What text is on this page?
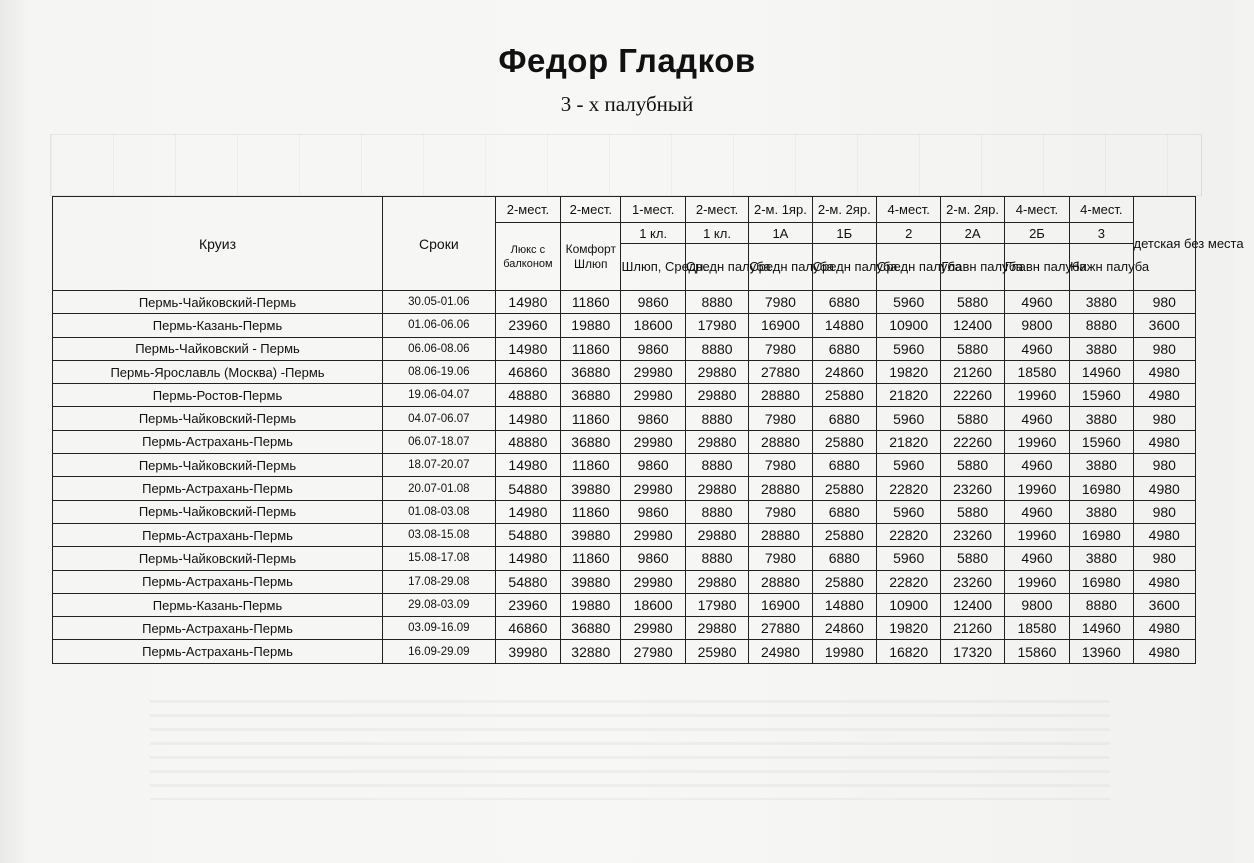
Федор Гладков
3 - х палубный
Круиз	Сроки	2-мест.	2-мест.	1-мест.	2-мест.	2-м. 1яр.	2-м. 2яр.	4-мест.	2-м. 2яр.	4-мест.	4-мест.	детская без места
		Люкс с балконом	Комфорт Шлюп	1 кл.	1 кл.	1А	1Б	2	2А	2Б	3	
				Шлюп, Средн.	Средн палуба	Средн палуба	Средн палуба	Средн палуба	Главн палуба	Главн палуба	Нижн палуба	
Пермь-Чайковский-Пермь	30.05-01.06	14980	11860	9860	8880	7980	6880	5960	5880	4960	3880	980
Пермь-Казань-Пермь	01.06-06.06	23960	19880	18600	17980	16900	14880	10900	12400	9800	8880	3600
Пермь-Чайковский - Пермь	06.06-08.06	14980	11860	9860	8880	7980	6880	5960	5880	4960	3880	980
Пермь-Ярославль (Москва) -Пермь	08.06-19.06	46860	36880	29980	29880	27880	24860	19820	21260	18580	14960	4980
Пермь-Ростов-Пермь	19.06-04.07	48880	36880	29980	29880	28880	25880	21820	22260	19960	15960	4980
Пермь-Чайковский-Пермь	04.07-06.07	14980	11860	9860	8880	7980	6880	5960	5880	4960	3880	980
Пермь-Астрахань-Пермь	06.07-18.07	48880	36880	29980	29880	28880	25880	21820	22260	19960	15960	4980
Пермь-Чайковский-Пермь	18.07-20.07	14980	11860	9860	8880	7980	6880	5960	5880	4960	3880	980
Пермь-Астрахань-Пермь	20.07-01.08	54880	39880	29980	29880	28880	25880	22820	23260	19960	16980	4980
Пермь-Чайковский-Пермь	01.08-03.08	14980	11860	9860	8880	7980	6880	5960	5880	4960	3880	980
Пермь-Астрахань-Пермь	03.08-15.08	54880	39880	29980	29880	28880	25880	22820	23260	19960	16980	4980
Пермь-Чайковский-Пермь	15.08-17.08	14980	11860	9860	8880	7980	6880	5960	5880	4960	3880	980
Пермь-Астрахань-Пермь	17.08-29.08	54880	39880	29980	29880	28880	25880	22820	23260	19960	16980	4980
Пермь-Казань-Пермь	29.08-03.09	23960	19880	18600	17980	16900	14880	10900	12400	9800	8880	3600
Пермь-Астрахань-Пермь	03.09-16.09	46860	36880	29980	29880	27880	24860	19820	21260	18580	14960	4980
Пермь-Астрахань-Пермь	16.09-29.09	39980	32880	27980	25980	24980	19980	16820	17320	15860	13960	4980
